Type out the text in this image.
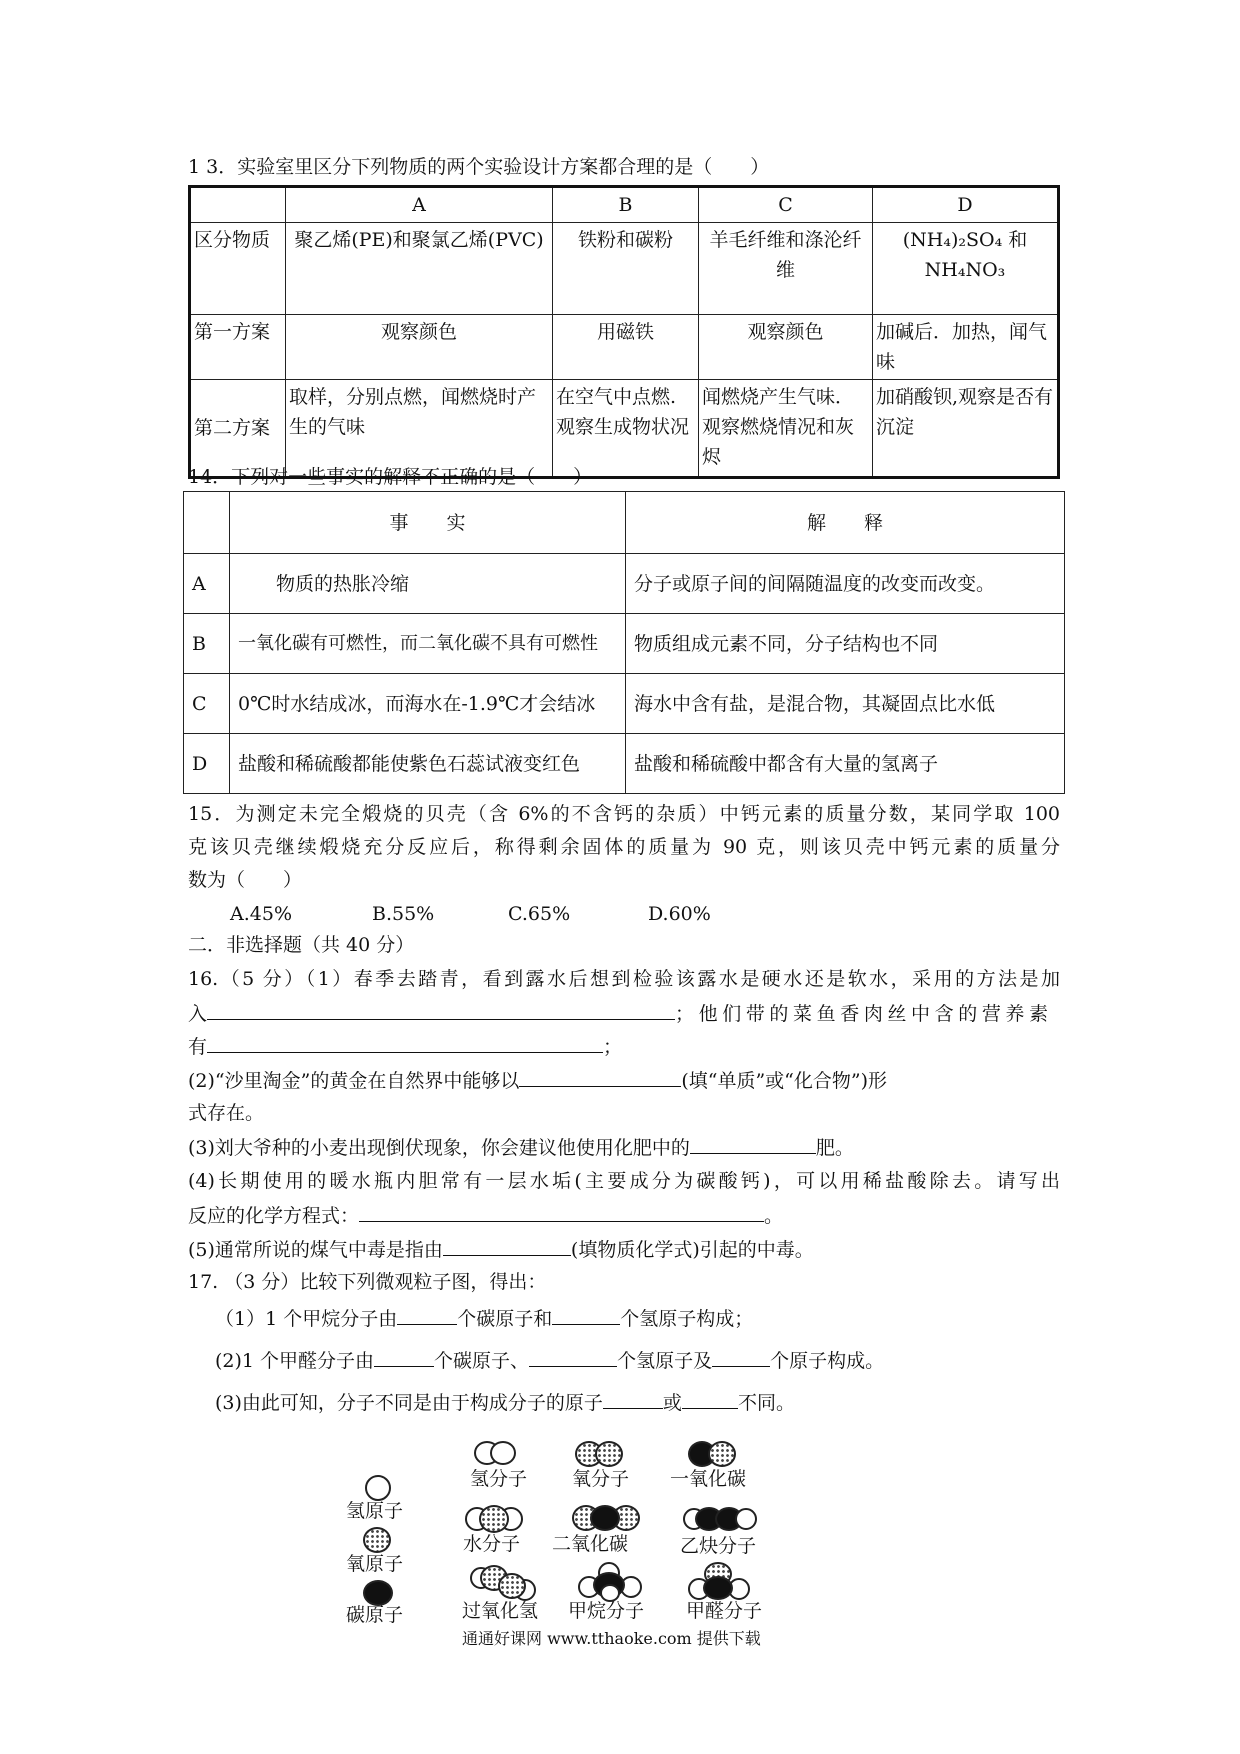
1 3．实验室里区分下列物质的两个实验设计方案都合理的是（　　）
	A	B	C	D
区分物质	聚乙烯(PE)和聚氯乙烯(PVC)	铁粉和碳粉	羊毛纤维和涤沦纤维	(NH₄)₂SO₄ 和 NH₄NO₃
第一方案	观察颜色	用磁铁	观察颜色	加碱后．加热，闻气味
第二方案	取样，分别点燃，闻燃烧时产生的气味	在空气中点燃.观察生成物状况	闻燃烧产生气味．观察燃烧情况和灰烬	加硝酸钡,观察是否有沉淀
14．下列对一些事实的解释不正确的是（　　）
	事　　实	解　　释
A	物质的热胀冷缩	分子或原子间的间隔随温度的改变而改变。
B	一氧化碳有可燃性，而二氧化碳不具有可燃性	物质组成元素不同，分子结构也不同
C	0℃时水结成冰，而海水在-1.9℃才会结冰	海水中含有盐，是混合物，其凝固点比水低
D	盐酸和稀硫酸都能使紫色石蕊试液变红色	盐酸和稀硫酸中都含有大量的氢离子
15．为测定未完全煅烧的贝壳（含 6%的不含钙的杂质）中钙元素的质量分数，某同学取 100
克该贝壳继续煅烧充分反应后，称得剩余固体的质量为 90 克，则该贝壳中钙元素的质量分
数为（　　）
A.45%	B.55%	C.65%	D.60%
二．非选择题（共 40 分）
16.（5 分）（1）春季去踏青，看到露水后想到检验该露水是硬水还是软水，采用的方法是加
入	；他们带的菜鱼香肉丝中含的营养素
有	；
(2)“沙里淘金”的黄金在自然界中能够以	(填“单质”或“化合物”)形
式存在。
(3)刘大爷种的小麦出现倒伏现象，你会建议他使用化肥中的	肥。
(4)长期使用的暖水瓶内胆常有一层水垢(主要成分为碳酸钙)，可以用稀盐酸除去。请写出
反应的化学方程式：	。
(5)通常所说的煤气中毒是指由	(填物质化学式)引起的中毒。
17. （3 分）比较下列微观粒子图，得出：
（1）1 个甲烷分子由	个碳原子和	个氢原子构成；
(2)1 个甲醛分子由	个碳原子、	个氢原子及	个原子构成。
(3)由此可知，分子不同是由于构成分子的原子	或	不同。
氢原子
氧原子
碳原子
氢分子 氧分子 一氧化碳
水分子 二氧化碳	乙炔分子
过氧化氢 甲烷分子 甲醛分子
通通好课网 www.tthaoke.com 提供下载
